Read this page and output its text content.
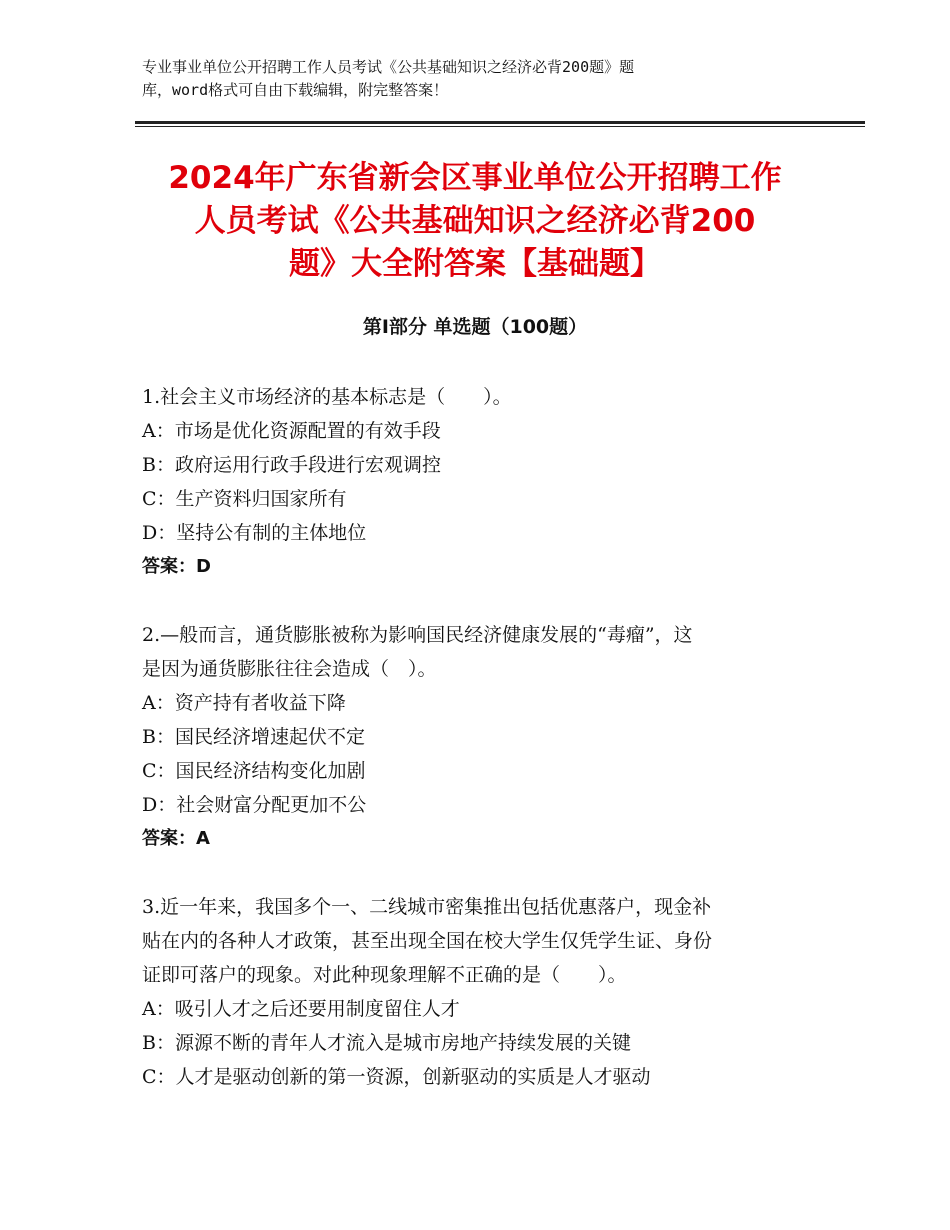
专业事业单位公开招聘工作人员考试《公共基础知识之经济必背200题》题
库，word格式可自由下载编辑，附完整答案！
2024年广东省新会区事业单位公开招聘工作
人员考试《公共基础知识之经济必背200
题》大全附答案【基础题】
第Ⅰ部分 单选题（100题）
1.社会主义市场经济的基本标志是（　　）。
A：市场是优化资源配置的有效手段
B：政府运用行政手段进行宏观调控
C：生产资料归国家所有
D：坚持公有制的主体地位
答案：D
2.—般而言，通货膨胀被称为影响国民经济健康发展的“毒瘤”，这
是因为通货膨胀往往会造成（　）。
A：资产持有者收益下降
B：国民经济增速起伏不定
C：国民经济结构变化加剧
D：社会财富分配更加不公
答案：A
3.近一年来，我国多个一、二线城市密集推出包括优惠落户，现金补
贴在内的各种人才政策，甚至出现全国在校大学生仅凭学生证、身份
证即可落户的现象。对此种现象理解不正确的是（　　）。
A：吸引人才之后还要用制度留住人才
B：源源不断的青年人才流入是城市房地产持续发展的关键
C：人才是驱动创新的第一资源，创新驱动的实质是人才驱动
